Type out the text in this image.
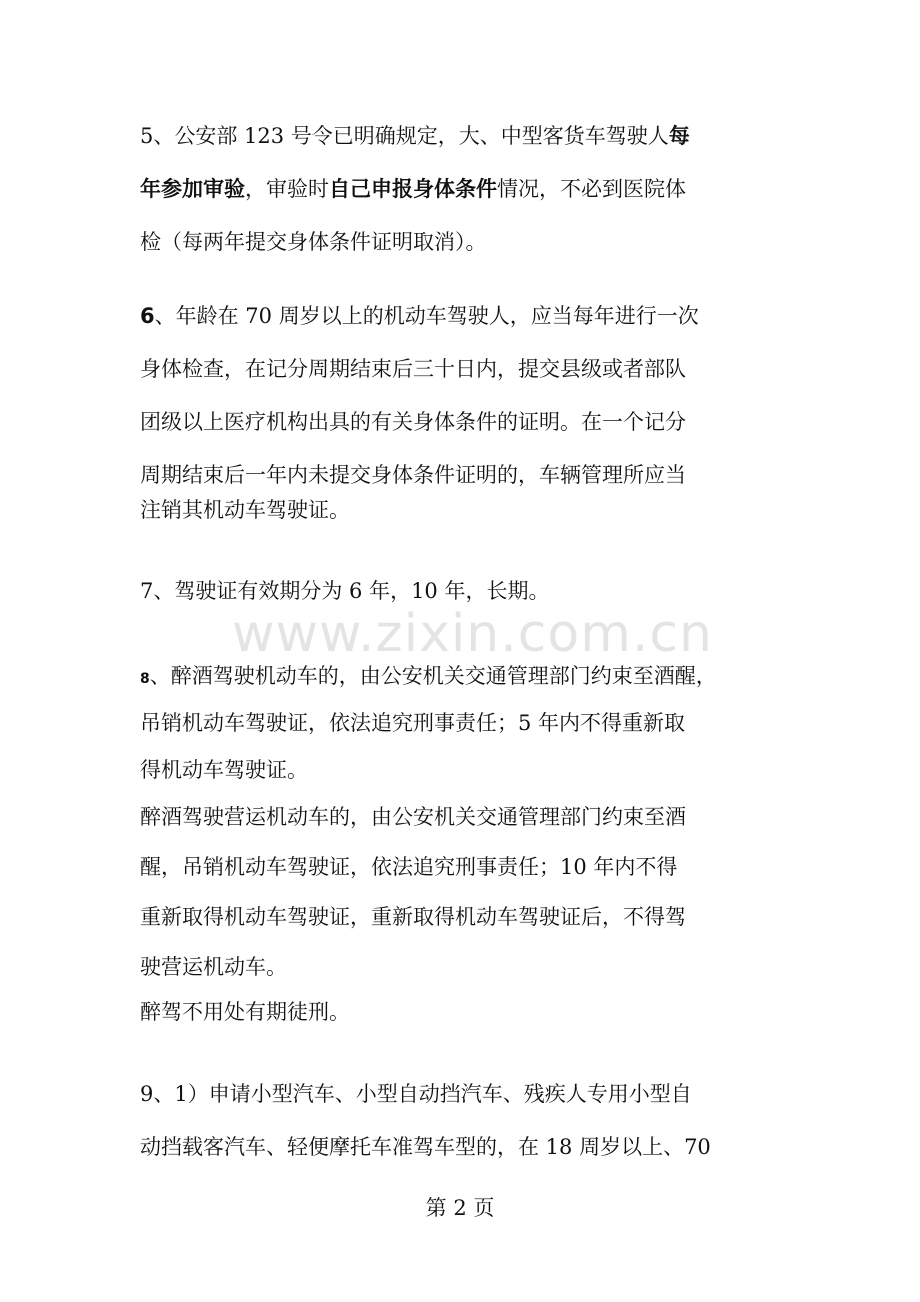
www.zixin.com.cn
5、公安部 123 号令已明确规定，大、中型客货车驾驶人每
年参加审验，审验时自己申报身体条件情况，不必到医院体
检（每两年提交身体条件证明取消）。
6、年龄在 70 周岁以上的机动车驾驶人，应当每年进行一次
身体检查，在记分周期结束后三十日内，提交县级或者部队
团级以上医疗机构出具的有关身体条件的证明。在一个记分
周期结束后一年内未提交身体条件证明的，车辆管理所应当
注销其机动车驾驶证。
7、驾驶证有效期分为 6 年，10 年，长期。
8、醉酒驾驶机动车的，由公安机关交通管理部门约束至酒醒，
吊销机动车驾驶证，依法追究刑事责任；5 年内不得重新取
得机动车驾驶证。
醉酒驾驶营运机动车的，由公安机关交通管理部门约束至酒
醒，吊销机动车驾驶证，依法追究刑事责任；10 年内不得
重新取得机动车驾驶证，重新取得机动车驾驶证后，不得驾
驶营运机动车。
醉驾不用处有期徒刑。
9、1）申请小型汽车、小型自动挡汽车、残疾人专用小型自
动挡载客汽车、轻便摩托车准驾车型的，在 18 周岁以上、70
第 2 页
